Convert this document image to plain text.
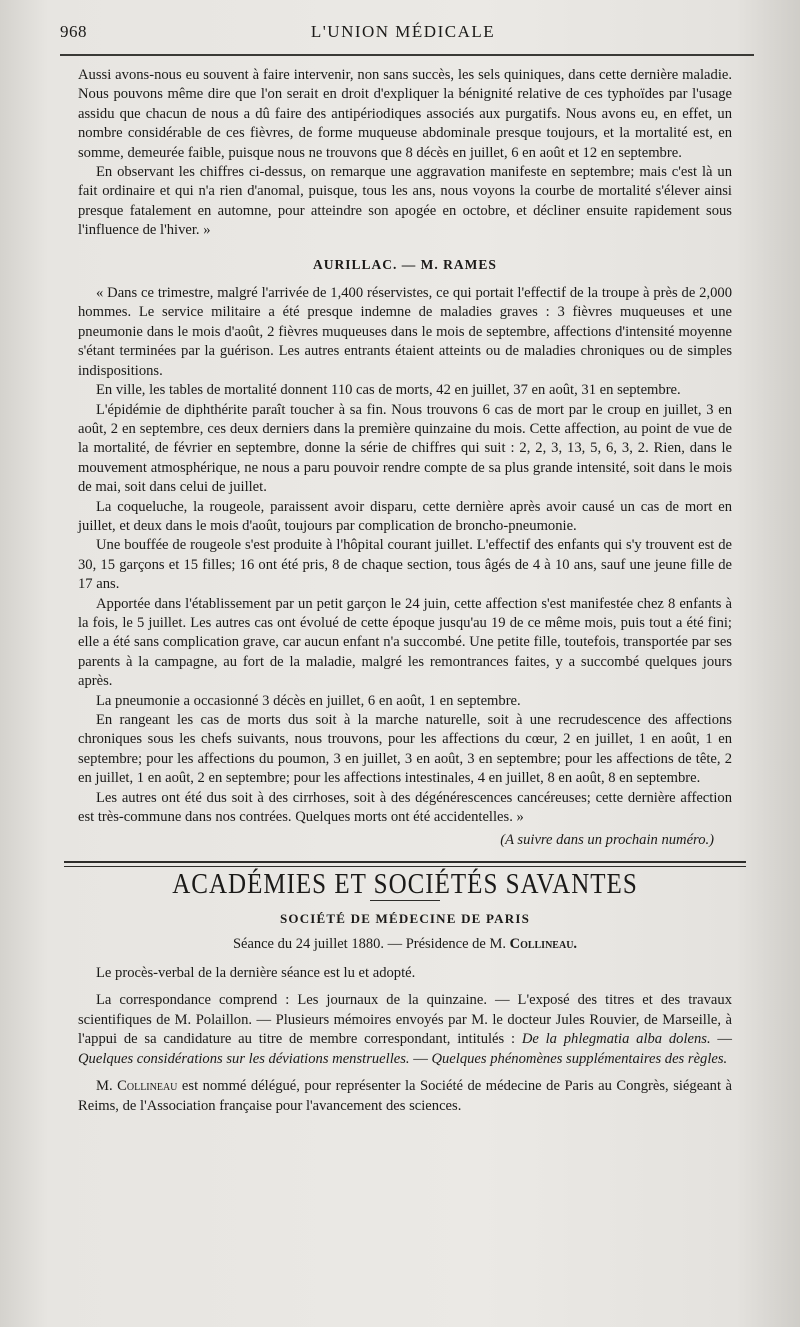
968	L'UNION MÉDICALE

Aussi avons-nous eu souvent à faire intervenir, non sans succès, les sels quiniques, dans cette dernière maladie. Nous pouvons même dire que l'on serait en droit d'expliquer la bénignité relative de ces typhoïdes par l'usage assidu que chacun de nous a dû faire des antipériodiques associés aux purgatifs. Nous avons eu, en effet, un nombre considérable de ces fièvres, de forme muqueuse abdominale presque toujours, et la mortalité est, en somme, demeurée faible, puisque nous ne trouvons que 8 décès en juillet, 6 en août et 12 en septembre.

En observant les chiffres ci-dessus, on remarque une aggravation manifeste en septembre; mais c'est là un fait ordinaire et qui n'a rien d'anomal, puisque, tous les ans, nous voyons la courbe de mortalité s'élever ainsi presque fatalement en automne, pour atteindre son apogée en octobre, et décliner ensuite rapidement sous l'influence de l'hiver. »

AURILLAC. — M. RAMES

« Dans ce trimestre, malgré l'arrivée de 1,400 réservistes, ce qui portait l'effectif de la troupe à près de 2,000 hommes. Le service militaire a été presque indemne de maladies graves : 3 fièvres muqueuses et une pneumonie dans le mois d'août, 2 fièvres muqueuses dans le mois de septembre, affections d'intensité moyenne s'étant terminées par la guérison. Les autres entrants étaient atteints ou de maladies chroniques ou de simples indispositions.

En ville, les tables de mortalité donnent 110 cas de morts, 42 en juillet, 37 en août, 31 en septembre.

L'épidémie de diphthérite paraît toucher à sa fin. Nous trouvons 6 cas de mort par le croup en juillet, 3 en août, 2 en septembre, ces deux derniers dans la première quinzaine du mois. Cette affection, au point de vue de la mortalité, de février en septembre, donne la série de chiffres qui suit : 2, 2, 3, 13, 5, 6, 3, 2. Rien, dans le mouvement atmosphérique, ne nous a paru pouvoir rendre compte de sa plus grande intensité, soit dans le mois de mai, soit dans celui de juillet.

La coqueluche, la rougeole, paraissent avoir disparu, cette dernière après avoir causé un cas de mort en juillet, et deux dans le mois d'août, toujours par complication de broncho-pneumonie.

Une bouffée de rougeole s'est produite à l'hôpital courant juillet. L'effectif des enfants qui s'y trouvent est de 30, 15 garçons et 15 filles; 16 ont été pris, 8 de chaque section, tous âgés de 4 à 10 ans, sauf une jeune fille de 17 ans.

Apportée dans l'établissement par un petit garçon le 24 juin, cette affection s'est manifestée chez 8 enfants à la fois, le 5 juillet. Les autres cas ont évolué de cette époque jusqu'au 19 de ce même mois, puis tout a été fini; elle a été sans complication grave, car aucun enfant n'a succombé. Une petite fille, toutefois, transportée par ses parents à la campagne, au fort de la maladie, malgré les remontrances faites, y a succombé quelques jours après.

La pneumonie a occasionné 3 décès en juillet, 6 en août, 1 en septembre.

En rangeant les cas de morts dus soit à la marche naturelle, soit à une recrudescence des affections chroniques sous les chefs suivants, nous trouvons, pour les affections du cœur, 2 en juillet, 1 en août, 1 en septembre; pour les affections du poumon, 3 en juillet, 3 en août, 3 en septembre; pour les affections de tête, 2 en juillet, 1 en août, 2 en septembre; pour les affections intestinales, 4 en juillet, 8 en août, 8 en septembre.

Les autres ont été dus soit à des cirrhoses, soit à des dégénérescences cancéreuses; cette dernière affection est très-commune dans nos contrées. Quelques morts ont été accidentelles. »

(A suivre dans un prochain numéro.)
ACADÉMIES ET SOCIÉTÉS SAVANTES
SOCIÉTÉ DE MÉDECINE DE PARIS
Séance du 24 juillet 1880. — Présidence de M. Collineau.

Le procès-verbal de la dernière séance est lu et adopté.

La correspondance comprend : Les journaux de la quinzaine. — L'exposé des titres et des travaux scientifiques de M. Polaillon. — Plusieurs mémoires envoyés par M. le docteur Jules Rouvier, de Marseille, à l'appui de sa candidature au titre de membre correspondant, intitulés : De la phlegmatia alba dolens. — Quelques considérations sur les déviations menstruelles. — Quelques phénomènes supplémentaires des règles.

M. Collineau est nommé délégué, pour représenter la Société de médecine de Paris au Congrès, siégeant à Reims, de l'Association française pour l'avancement des sciences.
